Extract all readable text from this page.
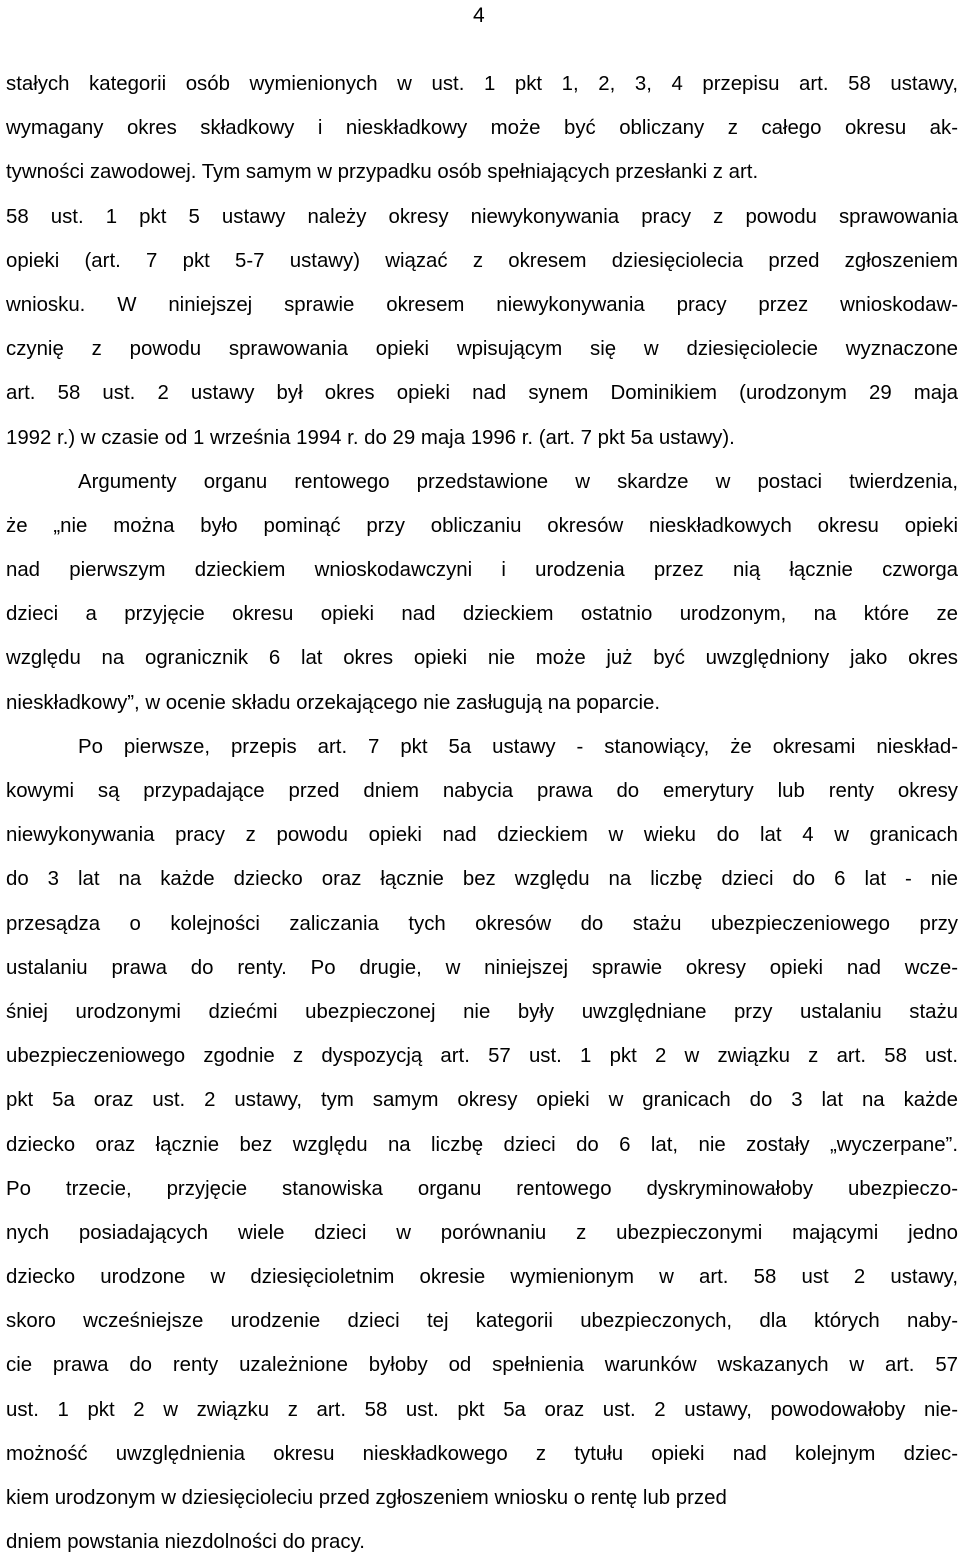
4
stałych kategorii osób wymienionych w ust. 1 pkt 1, 2, 3, 4 przepisu art. 58 ustawy,
wymagany okres składkowy i nieskładkowy może być obliczany z całego okresu ak-
tywności zawodowej. Tym samym w przypadku osób spełniających przesłanki z art.
58 ust. 1 pkt 5 ustawy należy okresy niewykonywania pracy z powodu sprawowania
opieki (art. 7 pkt 5-7 ustawy) wiązać z okresem dziesięciolecia przed zgłoszeniem
wniosku. W niniejszej sprawie okresem niewykonywania pracy przez wnioskodaw-
czynię z powodu sprawowania opieki wpisującym się w dziesięciolecie wyznaczone
art. 58 ust. 2 ustawy był okres opieki nad synem Dominikiem (urodzonym 29 maja
1992 r.) w czasie od 1 września 1994 r. do 29 maja 1996 r. (art. 7 pkt 5a ustawy).
Argumenty organu rentowego przedstawione w skardze w postaci twierdzenia,
że „nie można było pominąć przy obliczaniu okresów nieskładkowych okresu opieki
nad pierwszym dzieckiem wnioskodawczyni i urodzenia przez nią łącznie czworga
dzieci a przyjęcie okresu opieki nad dzieckiem ostatnio urodzonym, na które ze
względu na ogranicznik 6 lat okres opieki nie może już być uwzględniony jako okres
nieskładkowy”, w ocenie składu orzekającego nie zasługują na poparcie.
Po pierwsze, przepis art. 7 pkt 5a ustawy - stanowiący, że okresami nieskład-
kowymi są przypadające przed dniem nabycia prawa do emerytury lub renty okresy
niewykonywania pracy z powodu opieki nad dzieckiem w wieku do lat 4 w granicach
do 3 lat na każde dziecko oraz łącznie bez względu na liczbę dzieci do 6 lat - nie
przesądza o kolejności zaliczania tych okresów do stażu ubezpieczeniowego przy
ustalaniu prawa do renty. Po drugie, w niniejszej sprawie okresy opieki nad wcze-
śniej urodzonymi dziećmi ubezpieczonej nie były uwzględniane przy ustalaniu stażu
ubezpieczeniowego zgodnie z dyspozycją art. 57 ust. 1 pkt 2 w związku z art. 58 ust.
pkt 5a oraz ust. 2 ustawy, tym samym okresy opieki w granicach do 3 lat na każde
dziecko oraz łącznie bez względu na liczbę dzieci do 6 lat, nie zostały „wyczerpane”.
Po trzecie, przyjęcie stanowiska organu rentowego dyskryminowałoby ubezpieczo-
nych posiadających wiele dzieci w porównaniu z ubezpieczonymi mającymi jedno
dziecko urodzone w dziesięcioletnim okresie wymienionym w art. 58 ust 2 ustawy,
skoro wcześniejsze urodzenie dzieci tej kategorii ubezpieczonych, dla których naby-
cie prawa do renty uzależnione byłoby od spełnienia warunków wskazanych w art. 57
ust. 1 pkt 2 w związku z art. 58 ust. pkt 5a oraz ust. 2 ustawy, powodowałoby nie-
możność uwzględnienia okresu nieskładkowego z tytułu opieki nad kolejnym dziec-
kiem urodzonym w dziesięcioleciu przed zgłoszeniem wniosku o rentę lub przed
dniem powstania niezdolności do pracy.
